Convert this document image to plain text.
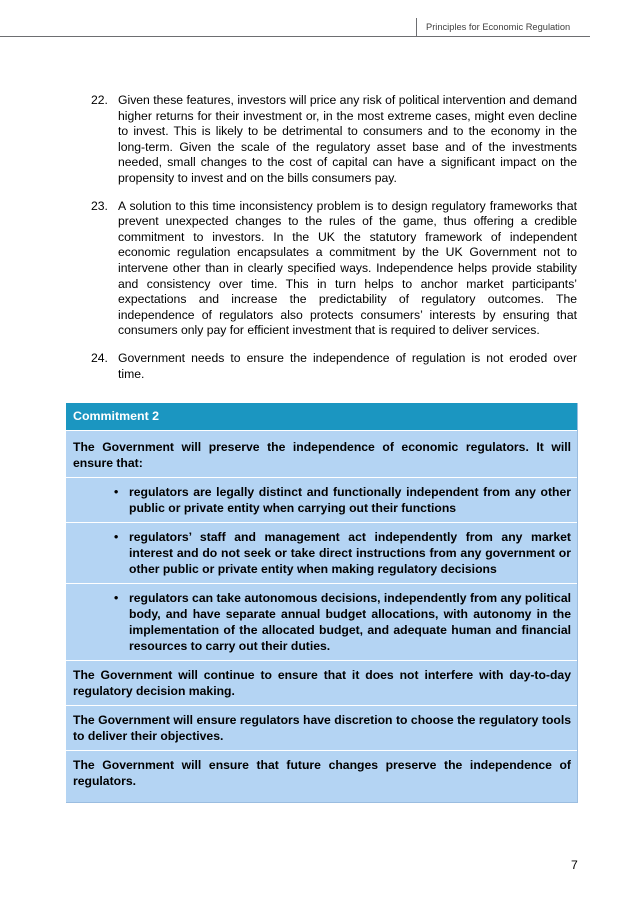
Principles for Economic Regulation

22. Given these features, investors will price any risk of political intervention and demand higher returns for their investment or, in the most extreme cases, might even decline to invest. This is likely to be detrimental to consumers and to the economy in the long-term. Given the scale of the regulatory asset base and of the investments needed, small changes to the cost of capital can have a significant impact on the propensity to invest and on the bills consumers pay.

23. A solution to this time inconsistency problem is to design regulatory frameworks that prevent unexpected changes to the rules of the game, thus offering a credible commitment to investors. In the UK the statutory framework of independent economic regulation encapsulates a commitment by the UK Government not to intervene other than in clearly specified ways. Independence helps provide stability and consistency over time. This in turn helps to anchor market participants’ expectations and increase the predictability of regulatory outcomes. The independence of regulators also protects consumers’ interests by ensuring that consumers only pay for efficient investment that is required to deliver services.

24. Government needs to ensure the independence of regulation is not eroded over time.

Commitment 2
The Government will preserve the independence of economic regulators. It will ensure that:
• regulators are legally distinct and functionally independent from any other public or private entity when carrying out their functions
• regulators’ staff and management act independently from any market interest and do not seek or take direct instructions from any government or other public or private entity when making regulatory decisions
• regulators can take autonomous decisions, independently from any political body, and have separate annual budget allocations, with autonomy in the implementation of the allocated budget, and adequate human and financial resources to carry out their duties.
The Government will continue to ensure that it does not interfere with day-to-day regulatory decision making.
The Government will ensure regulators have discretion to choose the regulatory tools to deliver their objectives.
The Government will ensure that future changes preserve the independence of regulators.
7
